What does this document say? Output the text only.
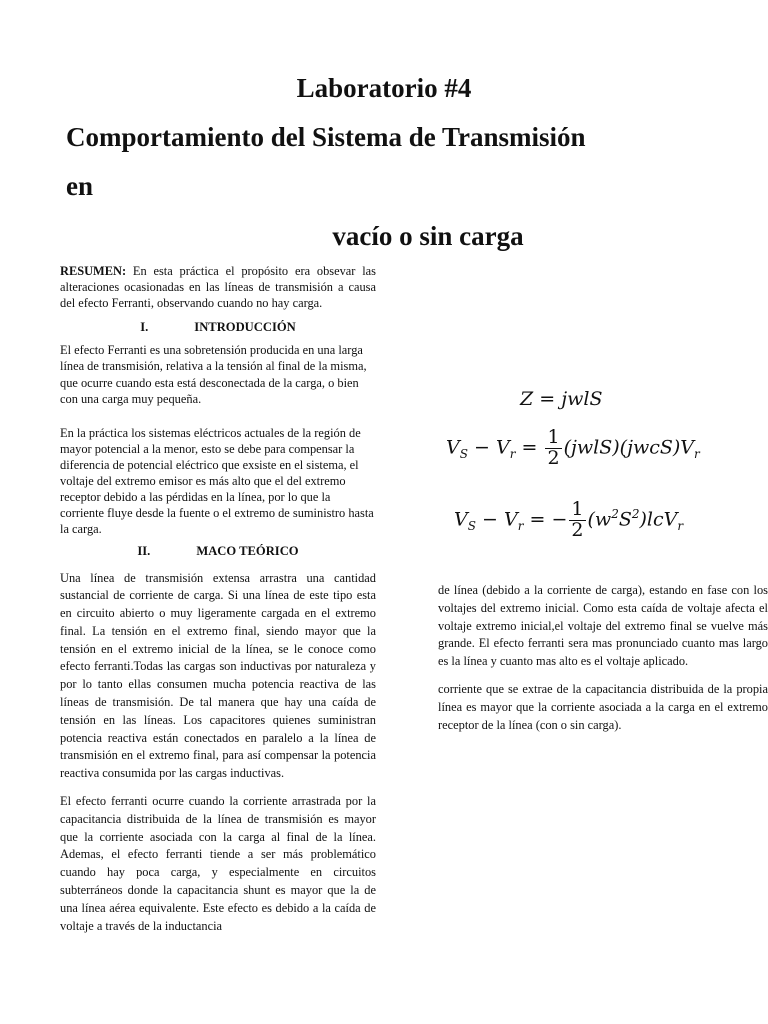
Laboratorio #4
Comportamiento del Sistema de Transmisión
en
vacío o sin carga

RESUMEN: En esta práctica el propósito era obsevar las alteraciones ocasionadas en las líneas de transmisión a causa del efecto Ferranti, observando cuando no hay carga.

I.	INTRODUCCIÓN

El efecto Ferranti es una sobretensión producida en una larga línea de transmisión, relativa a la tensión al final de la misma, que ocurre cuando esta está desconectada de la carga, o bien con una carga muy pequeña.

En la práctica los sistemas eléctricos actuales de la región de mayor potencial a la menor, esto se debe para compensar la diferencia de potencial eléctrico que exsiste en el sistema, el voltaje del extremo emisor es más alto que el del extremo receptor debido a las pérdidas en la línea, por lo que la corriente fluye desde la fuente o el extremo de suministro hasta la carga.

II.	MACO TEÓRICO

Una línea de transmisión extensa arrastra una cantidad sustancial de corriente de carga. Si una línea de este tipo esta en circuito abierto o muy ligeramente cargada en el extremo final. La tensión en el extremo final, siendo mayor que la tensión en el extremo inicial de la línea, se le conoce como efecto ferranti.Todas las cargas son inductivas por naturaleza y por lo tanto ellas consumen mucha potencia reactiva de las líneas de transmisión. De tal manera que hay una caída de tensión en las líneas. Los capacitores quienes suministran potencia reactiva están conectados en paralelo a la línea de transmisión en el extremo final, para así compensar la potencia reactiva consumida por las cargas inductivas.

El efecto ferranti ocurre cuando la corriente arrastrada por la capacitancia distribuida de la línea de transmisión es mayor que la corriente asociada con la carga al final de la línea. Ademas, el efecto ferranti tiende a ser más problemático cuando hay poca carga, y especialmente en circuitos subterráneos donde la capacitancia shunt es mayor que la de una línea aérea equivalente. Este efecto es debido a la caída de voltaje a través de la inductancia

Z = jwlS
$V_S - V_r = \frac{1}{2}$ $(jwlS)(jwcS)V_r$
$V_S - V_r$ = − $\frac{1}{2} (w^2S^2)lcV_r$

de línea (debido a la corriente de carga), estando en fase con los voltajes del extremo inicial. Como esta caída de voltaje afecta el voltaje extremo inicial,el voltaje del extremo final se vuelve más grande. El efecto ferranti sera mas pronunciado cuanto mas largo es la línea y cuanto mas alto es el voltaje aplicado.

corriente que se extrae de la capacitancia distribuida de la propia línea es mayor que la corriente asociada a la carga en el extremo receptor de la línea (con o sin carga).
